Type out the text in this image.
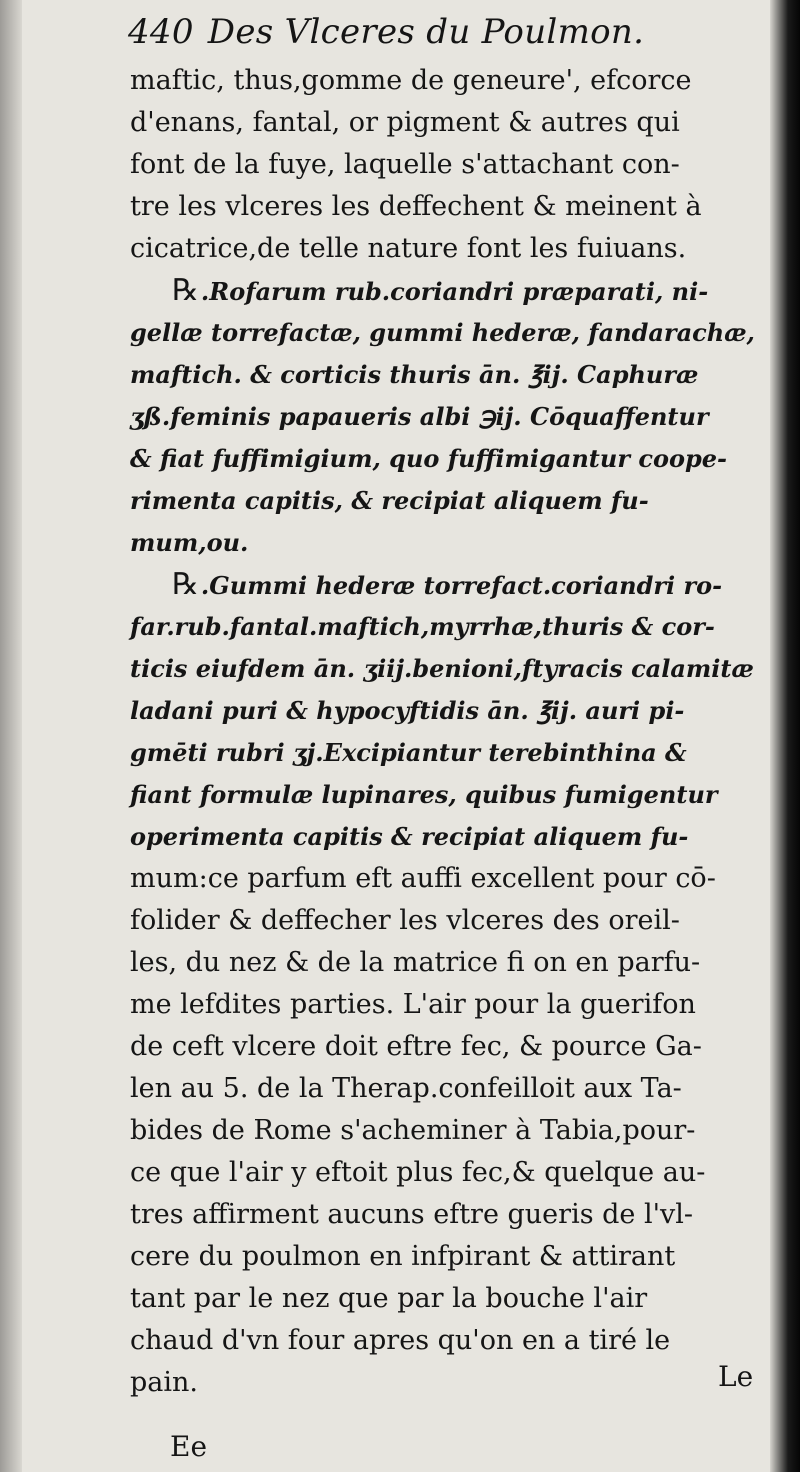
440 Des Vlceres du Poulmon.
maftic, thus,gomme de geneure', efcorce
d'enans, fantal, or pigment & autres qui
font de la fuye, laquelle s'attachant con-
tre les vlceres les deffechent & meinent à
cicatrice,de telle nature font les fuiuans.
℞.Rofarum rub.coriandri præparati, ni-
gellæ torrefactæ, gummi hederæ, fandarachæ,
maftich. & corticis thuris ān. ℥ij. Caphuræ
ʒß.feminis papaueris albi ℈ij. Cōquaffentur
& fiat fuffimigium, quo fuffimigantur coope-
rimenta capitis, & recipiat aliquem fu-
mum,ou.
℞.Gummi hederæ torrefact.coriandri ro-
far.rub.fantal.maftich,myrrhæ,thuris & cor-
ticis eiufdem ān. ʒiij.benioni,ftyracis calamitæ
ladani puri & hypocyftidis ān. ℥ij. auri pi-
gmēti rubri ʒj.Excipiantur terebinthina &
fiant formulæ lupinares, quibus fumigentur
operimenta capitis & recipiat aliquem fu-
mum:ce parfum eft auffi excellent pour cō-
folider & deffecher les vlceres des oreil-
les, du nez & de la matrice fi on en parfu-
me lefdites parties. L'air pour la guerifon
de ceft vlcere doit eftre fec, & pource Ga-
len au 5. de la Therap.confeilloit aux Ta-
bides de Rome s'acheminer à Tabia,pour-
ce que l'air y eftoit plus fec,& quelque au-
tres affirment aucuns eftre gueris de l'vl-
cere du poulmon en infpirant & attirant
tant par le nez que par la bouche l'air
chaud d'vn four apres qu'on en a tiré le
pain.	Le
Ee
